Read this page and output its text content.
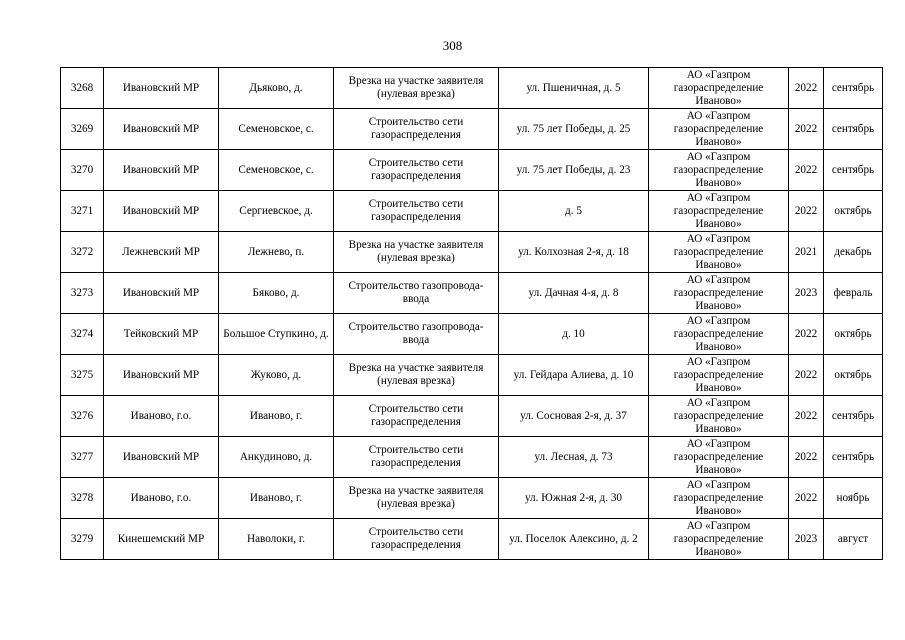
308
3268	Ивановский МР	Дьяково, д.	Врезка на участке заявителя (нулевая врезка)	ул. Пшеничная, д. 5	АО «Газпром газораспределение Иваново»	2022	сентябрь
3269	Ивановский МР	Семеновское, с.	Строительство сети газораспределения	ул. 75 лет Победы, д. 25	АО «Газпром газораспределение Иваново»	2022	сентябрь
3270	Ивановский МР	Семеновское, с.	Строительство сети газораспределения	ул. 75 лет Победы, д. 23	АО «Газпром газораспределение Иваново»	2022	сентябрь
3271	Ивановский МР	Сергиевское, д.	Строительство сети газораспределения	д. 5	АО «Газпром газораспределение Иваново»	2022	октябрь
3272	Лежневский МР	Лежнево, п.	Врезка на участке заявителя (нулевая врезка)	ул. Колхозная 2-я, д. 18	АО «Газпром газораспределение Иваново»	2021	декабрь
3273	Ивановский МР	Бяково, д.	Строительство газопровода-ввода	ул. Дачная 4-я, д. 8	АО «Газпром газораспределение Иваново»	2023	февраль
3274	Тейковский МР	Большое Ступкино, д.	Строительство газопровода-ввода	д. 10	АО «Газпром газораспределение Иваново»	2022	октябрь
3275	Ивановский МР	Жуково, д.	Врезка на участке заявителя (нулевая врезка)	ул. Гейдара Алиева, д. 10	АО «Газпром газораспределение Иваново»	2022	октябрь
3276	Иваново, г.о.	Иваново, г.	Строительство сети газораспределения	ул. Сосновая 2-я, д. 37	АО «Газпром газораспределение Иваново»	2022	сентябрь
3277	Ивановский МР	Анкудиново, д.	Строительство сети газораспределения	ул. Лесная, д. 73	АО «Газпром газораспределение Иваново»	2022	сентябрь
3278	Иваново, г.о.	Иваново, г.	Врезка на участке заявителя (нулевая врезка)	ул. Южная 2-я, д. 30	АО «Газпром газораспределение Иваново»	2022	ноябрь
3279	Кинешемский МР	Наволоки, г.	Строительство сети газораспределения	ул. Поселок Алексино, д. 2	АО «Газпром газораспределение Иваново»	2023	август
